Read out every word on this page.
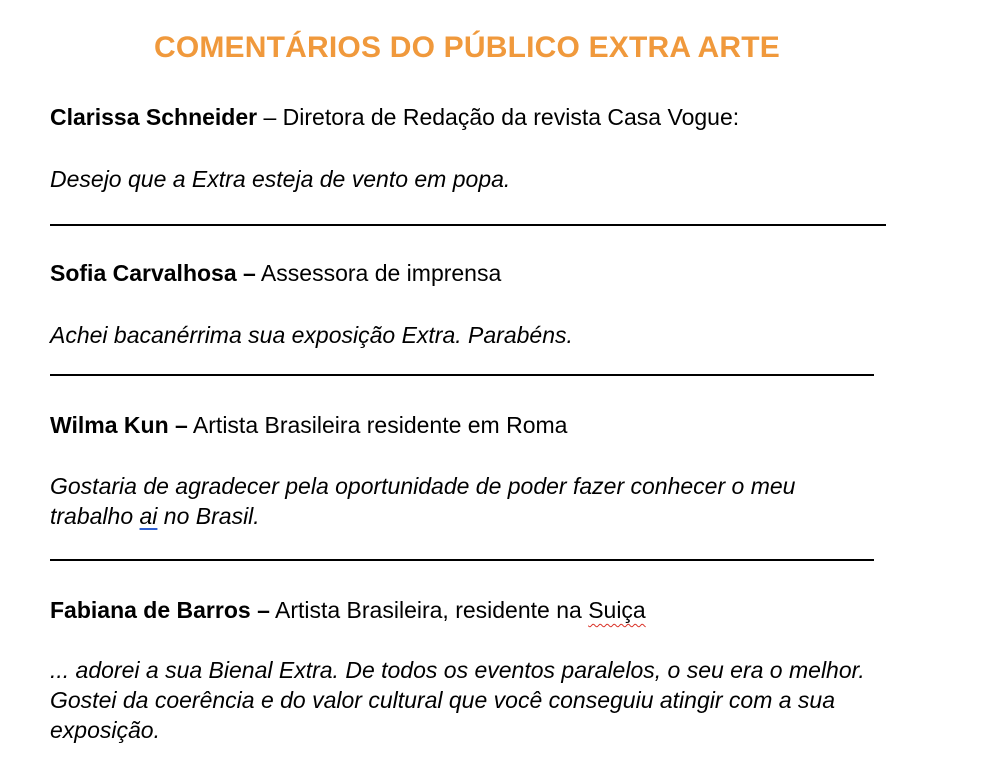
COMENTÁRIOS DO PÚBLICO EXTRA ARTE
Clarissa Schneider – Diretora de Redação da revista Casa Vogue:
Desejo que a Extra esteja de vento em popa.
Sofia Carvalhosa – Assessora de imprensa
Achei bacanérrima sua exposição Extra. Parabéns.
Wilma Kun – Artista Brasileira residente em Roma
Gostaria de agradecer pela oportunidade de poder fazer conhecer o meu trabalho ai no Brasil.
Fabiana de Barros – Artista Brasileira, residente na Suiça
... adorei a sua Bienal Extra. De todos os eventos paralelos, o seu era o melhor. Gostei da coerência e do valor cultural que você conseguiu atingir com a sua exposição.
